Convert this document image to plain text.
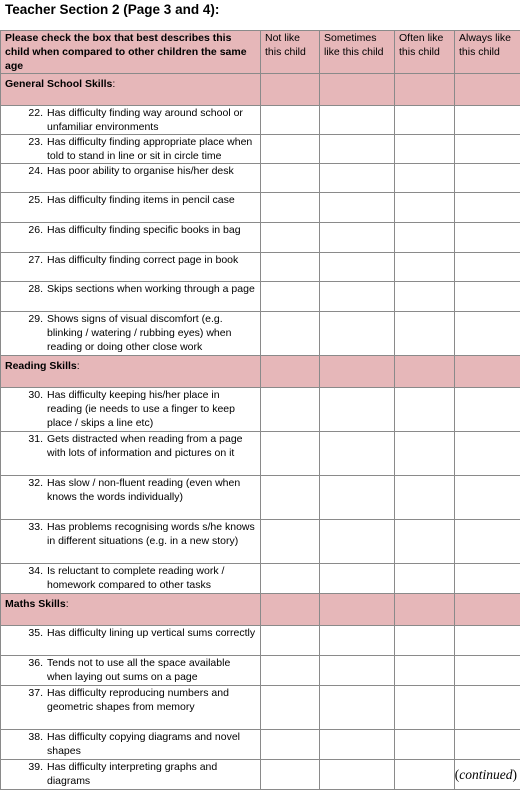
Teacher Section 2 (Page 3 and 4):
Please check the box that best describes this child when compared to other children the same age	Not like this child	Sometimes like this child	Often like this child	Always like this child
General School Skills:				

22. Has difficulty finding way around school or unfamiliar environments				

23. Has difficulty finding appropriate place when told to stand in line or sit in circle time				

24. Has poor ability to organise his/her desk				

25. Has difficulty finding items in pencil case				

26. Has difficulty finding specific books in bag				

27. Has difficulty finding correct page in book				

28. Skips sections when working through a page				

29. Shows signs of visual discomfort (e.g. blinking / watering / rubbing eyes) when reading or doing other close work				

Reading Skills:				

30. Has difficulty keeping his/her place in reading (ie needs to use a finger to keep place / skips a line etc)				

31. Gets distracted when reading from a page with lots of information and pictures on it				

32. Has slow / non-fluent reading (even when knows the words individually)				

33. Has problems recognising words s/he knows in different situations (e.g. in a new story)				

34. Is reluctant to complete reading work / homework compared to other tasks				

Maths Skills:				

35. Has difficulty lining up vertical sums correctly				

36. Tends not to use all the space available when laying out sums on a page				

37. Has difficulty reproducing numbers and geometric shapes from memory				

38. Has difficulty copying diagrams and novel shapes				

39. Has difficulty interpreting graphs and diagrams				
					(continued)
